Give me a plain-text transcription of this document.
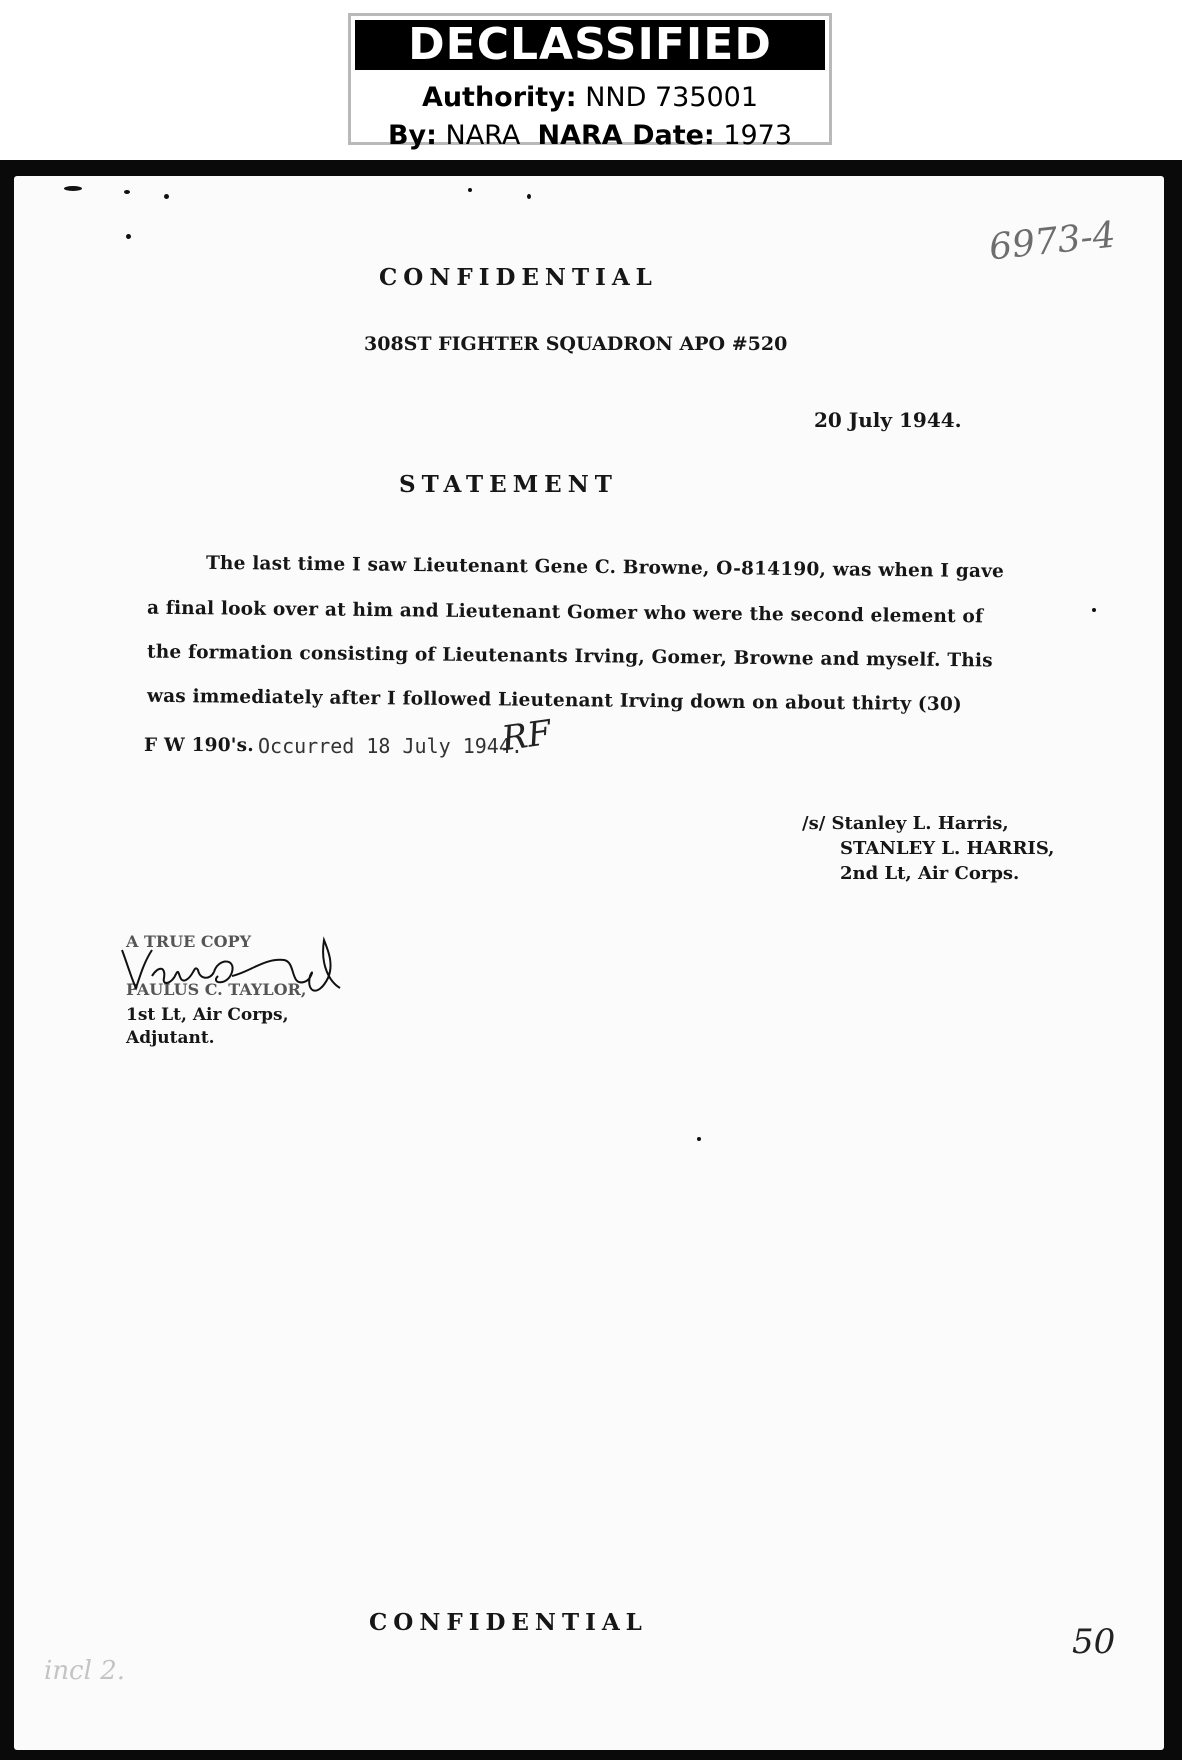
DECLASSIFIED
Authority: NND 735001
By: NARA NARA Date: 1973
6973-4
CONFIDENTIAL
308ST FIGHTER SQUADRON APO #520
20 July 1944.
STATEMENT
The last time I saw Lieutenant Gene C. Browne, O-814190, was when I gave
a final look over at him and Lieutenant Gomer who were the second element of
the formation consisting of Lieutenants Irving, Gomer, Browne and myself. This
was immediately after I followed Lieutenant Irving down on about thirty (30)
F W 190's. Occurred 18 July 1944.
RF
/s/ Stanley L. Harris,
STANLEY L. HARRIS,
2nd Lt, Air Corps.
A TRUE COPY
PAULUS C. TAYLOR,
1st Lt, Air Corps,
Adjutant.
incl 2.
CONFIDENTIAL	50
